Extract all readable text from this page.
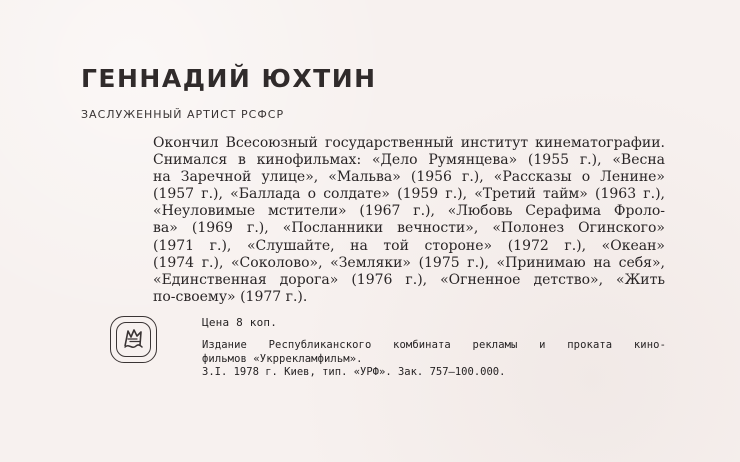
ГЕННАДИЙ ЮХТИН

ЗАСЛУЖЕННЫЙ АРТИСТ РСФСР

Окончил Всесоюзный государственный институт кинематографии.
Снимался в кинофильмах: «Дело Румянцева» (1955 г.), «Весна
на Заречной улице», «Мальва» (1956 г.), «Рассказы о Ленине»
(1957 г.), «Баллада о солдате» (1959 г.), «Третий тайм» (1963 г.),
«Неуловимые мстители» (1967 г.), «Любовь Серафима Фроло-
ва» (1969 г.), «Посланники вечности», «Полонез Огинского»
(1971 г.), «Слушайте, на той стороне» (1972 г.), «Океан»
(1974 г.), «Соколово», «Земляки» (1975 г.), «Принимаю на себя»,
«Единственная дорога» (1976 г.), «Огненное детство», «Жить
по-своему» (1977 г.).

Цена 8 коп.

Издание Республиканского комбината рекламы и проката кино-
фильмов «Укррекламфильм».

3.I. 1978 г. Киев, тип. «УРФ». Зак. 757—100.000.
